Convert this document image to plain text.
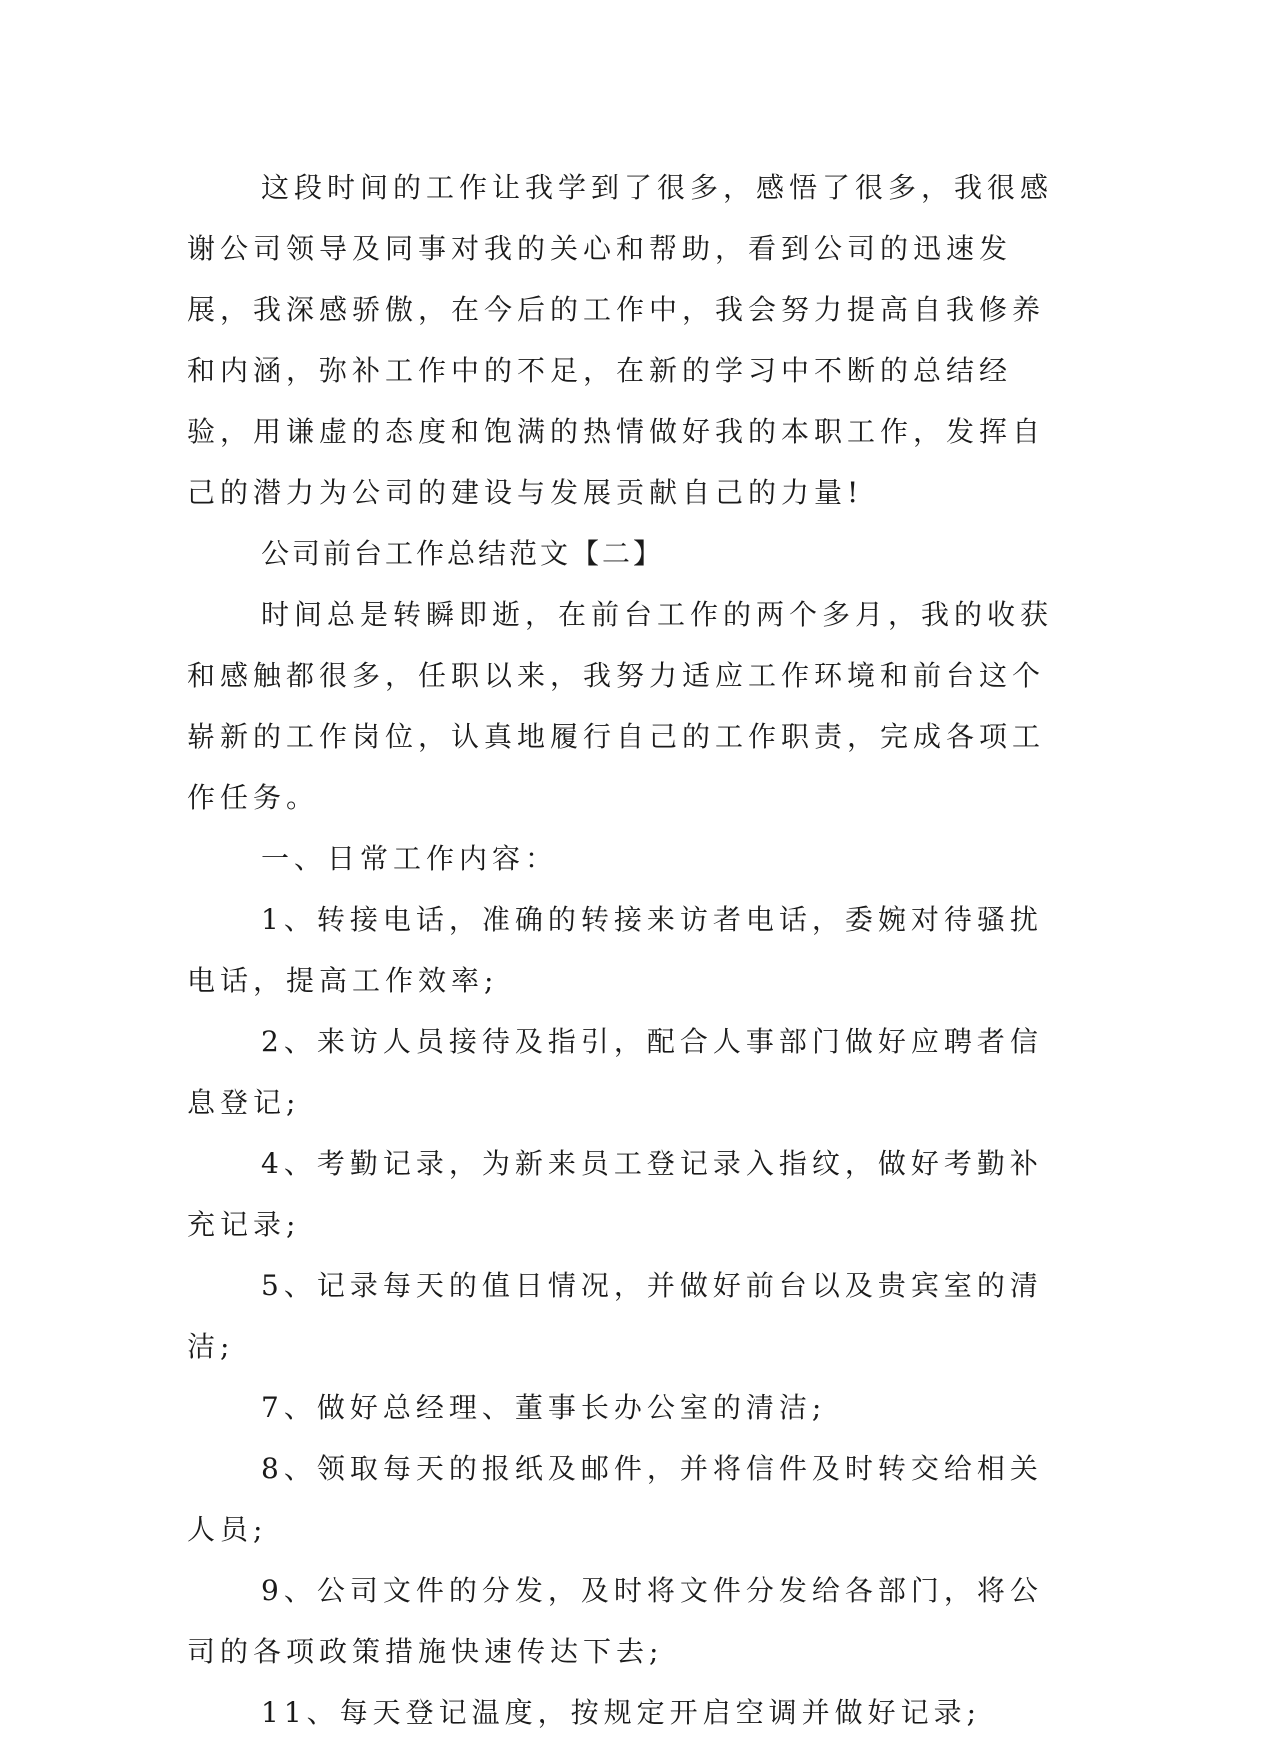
这段时间的工作让我学到了很多，感悟了很多，我很感谢公司领导及同事对我的关心和帮助，看到公司的迅速发展，我深感骄傲，在今后的工作中，我会努力提高自我修养和内涵，弥补工作中的不足，在新的学习中不断的总结经验，用谦虚的态度和饱满的热情做好我的本职工作，发挥自己的潜力为公司的建设与发展贡献自己的力量!

公司前台工作总结范文【二】

时间总是转瞬即逝，在前台工作的两个多月，我的收获和感触都很多，任职以来，我努力适应工作环境和前台这个崭新的工作岗位，认真地履行自己的工作职责，完成各项工作任务。

一、日常工作内容：

1、转接电话，准确的转接来访者电话，委婉对待骚扰电话，提高工作效率;

2、来访人员接待及指引，配合人事部门做好应聘者信息登记;

4、考勤记录，为新来员工登记录入指纹，做好考勤补充记录;

5、记录每天的值日情况，并做好前台以及贵宾室的清洁;

7、做好总经理、董事长办公室的清洁;

8、领取每天的报纸及邮件，并将信件及时转交给相关人员;

9、公司文件的分发，及时将文件分发给各部门，将公司的各项政策措施快速传达下去;

11、每天登记温度，按规定开启空调并做好记录;
